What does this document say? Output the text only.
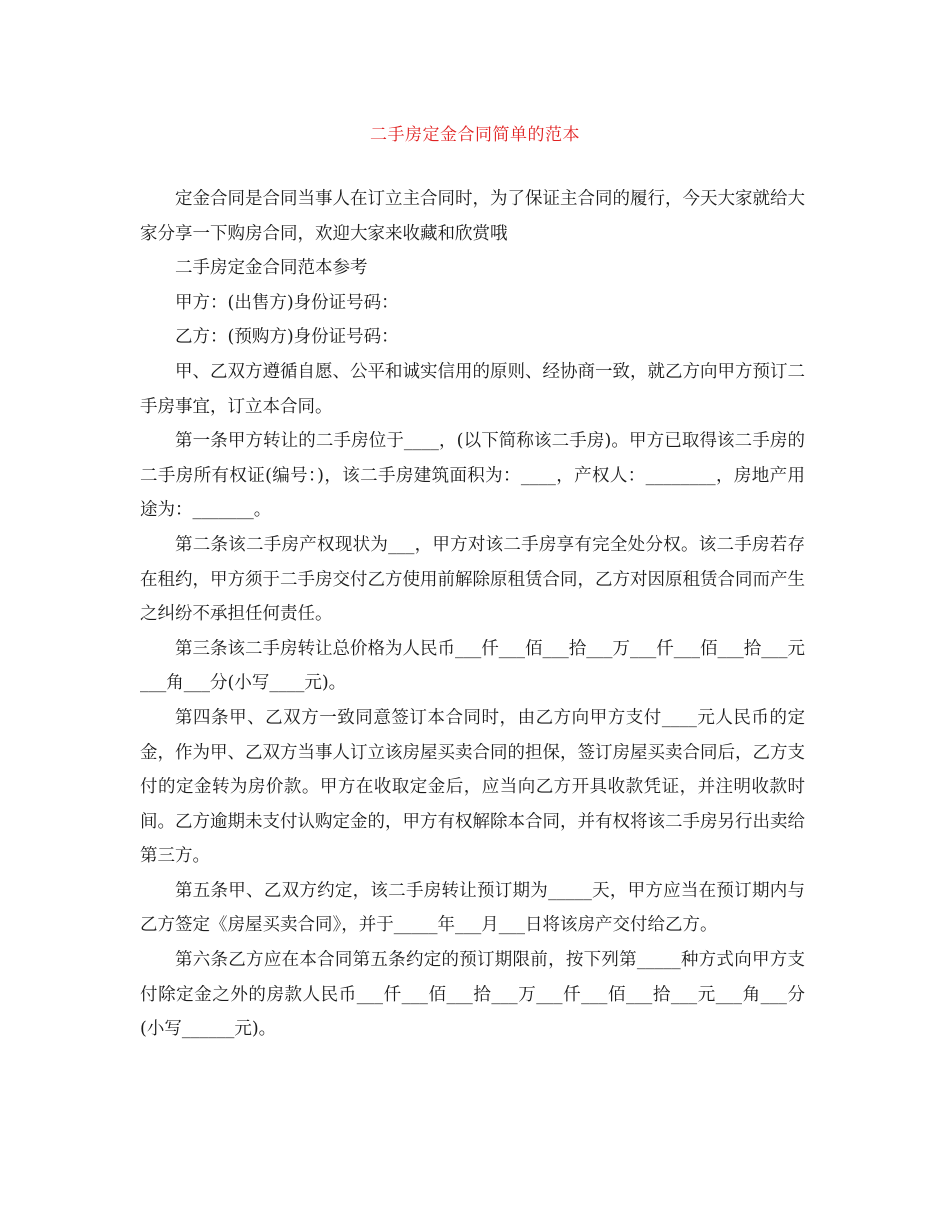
二手房定金合同简单的范本

定金合同是合同当事人在订立主合同时，为了保证主合同的履行，今天大家就给大家分享一下购房合同，欢迎大家来收藏和欣赏哦

二手房定金合同范本参考

甲方：(出售方)身份证号码：

乙方：(预购方)身份证号码：

甲、乙双方遵循自愿、公平和诚实信用的原则、经协商一致，就乙方向甲方预订二手房事宜，订立本合同。

第一条甲方转让的二手房位于____，(以下简称该二手房)。甲方已取得该二手房的二手房所有权证(编号：)，该二手房建筑面积为：____，产权人：________，房地产用途为：_______。

第二条该二手房产权现状为___，甲方对该二手房享有完全处分权。该二手房若存在租约，甲方须于二手房交付乙方使用前解除原租赁合同，乙方对因原租赁合同而产生之纠纷不承担任何责任。

第三条该二手房转让总价格为人民币___仟___佰___拾___万___仟___佰___拾___元___角___分(小写____元)。

第四条甲、乙双方一致同意签订本合同时，由乙方向甲方支付____元人民币的定金，作为甲、乙双方当事人订立该房屋买卖合同的担保，签订房屋买卖合同后，乙方支付的定金转为房价款。甲方在收取定金后，应当向乙方开具收款凭证，并注明收款时间。乙方逾期未支付认购定金的，甲方有权解除本合同，并有权将该二手房另行出卖给第三方。

第五条甲、乙双方约定，该二手房转让预订期为_____天，甲方应当在预订期内与乙方签定《房屋买卖合同》，并于_____年___月___日将该房产交付给乙方。

第六条乙方应在本合同第五条约定的预订期限前，按下列第_____种方式向甲方支付除定金之外的房款人民币___仟___佰___拾___万___仟___佰___拾___元___角___分(小写______元)。
